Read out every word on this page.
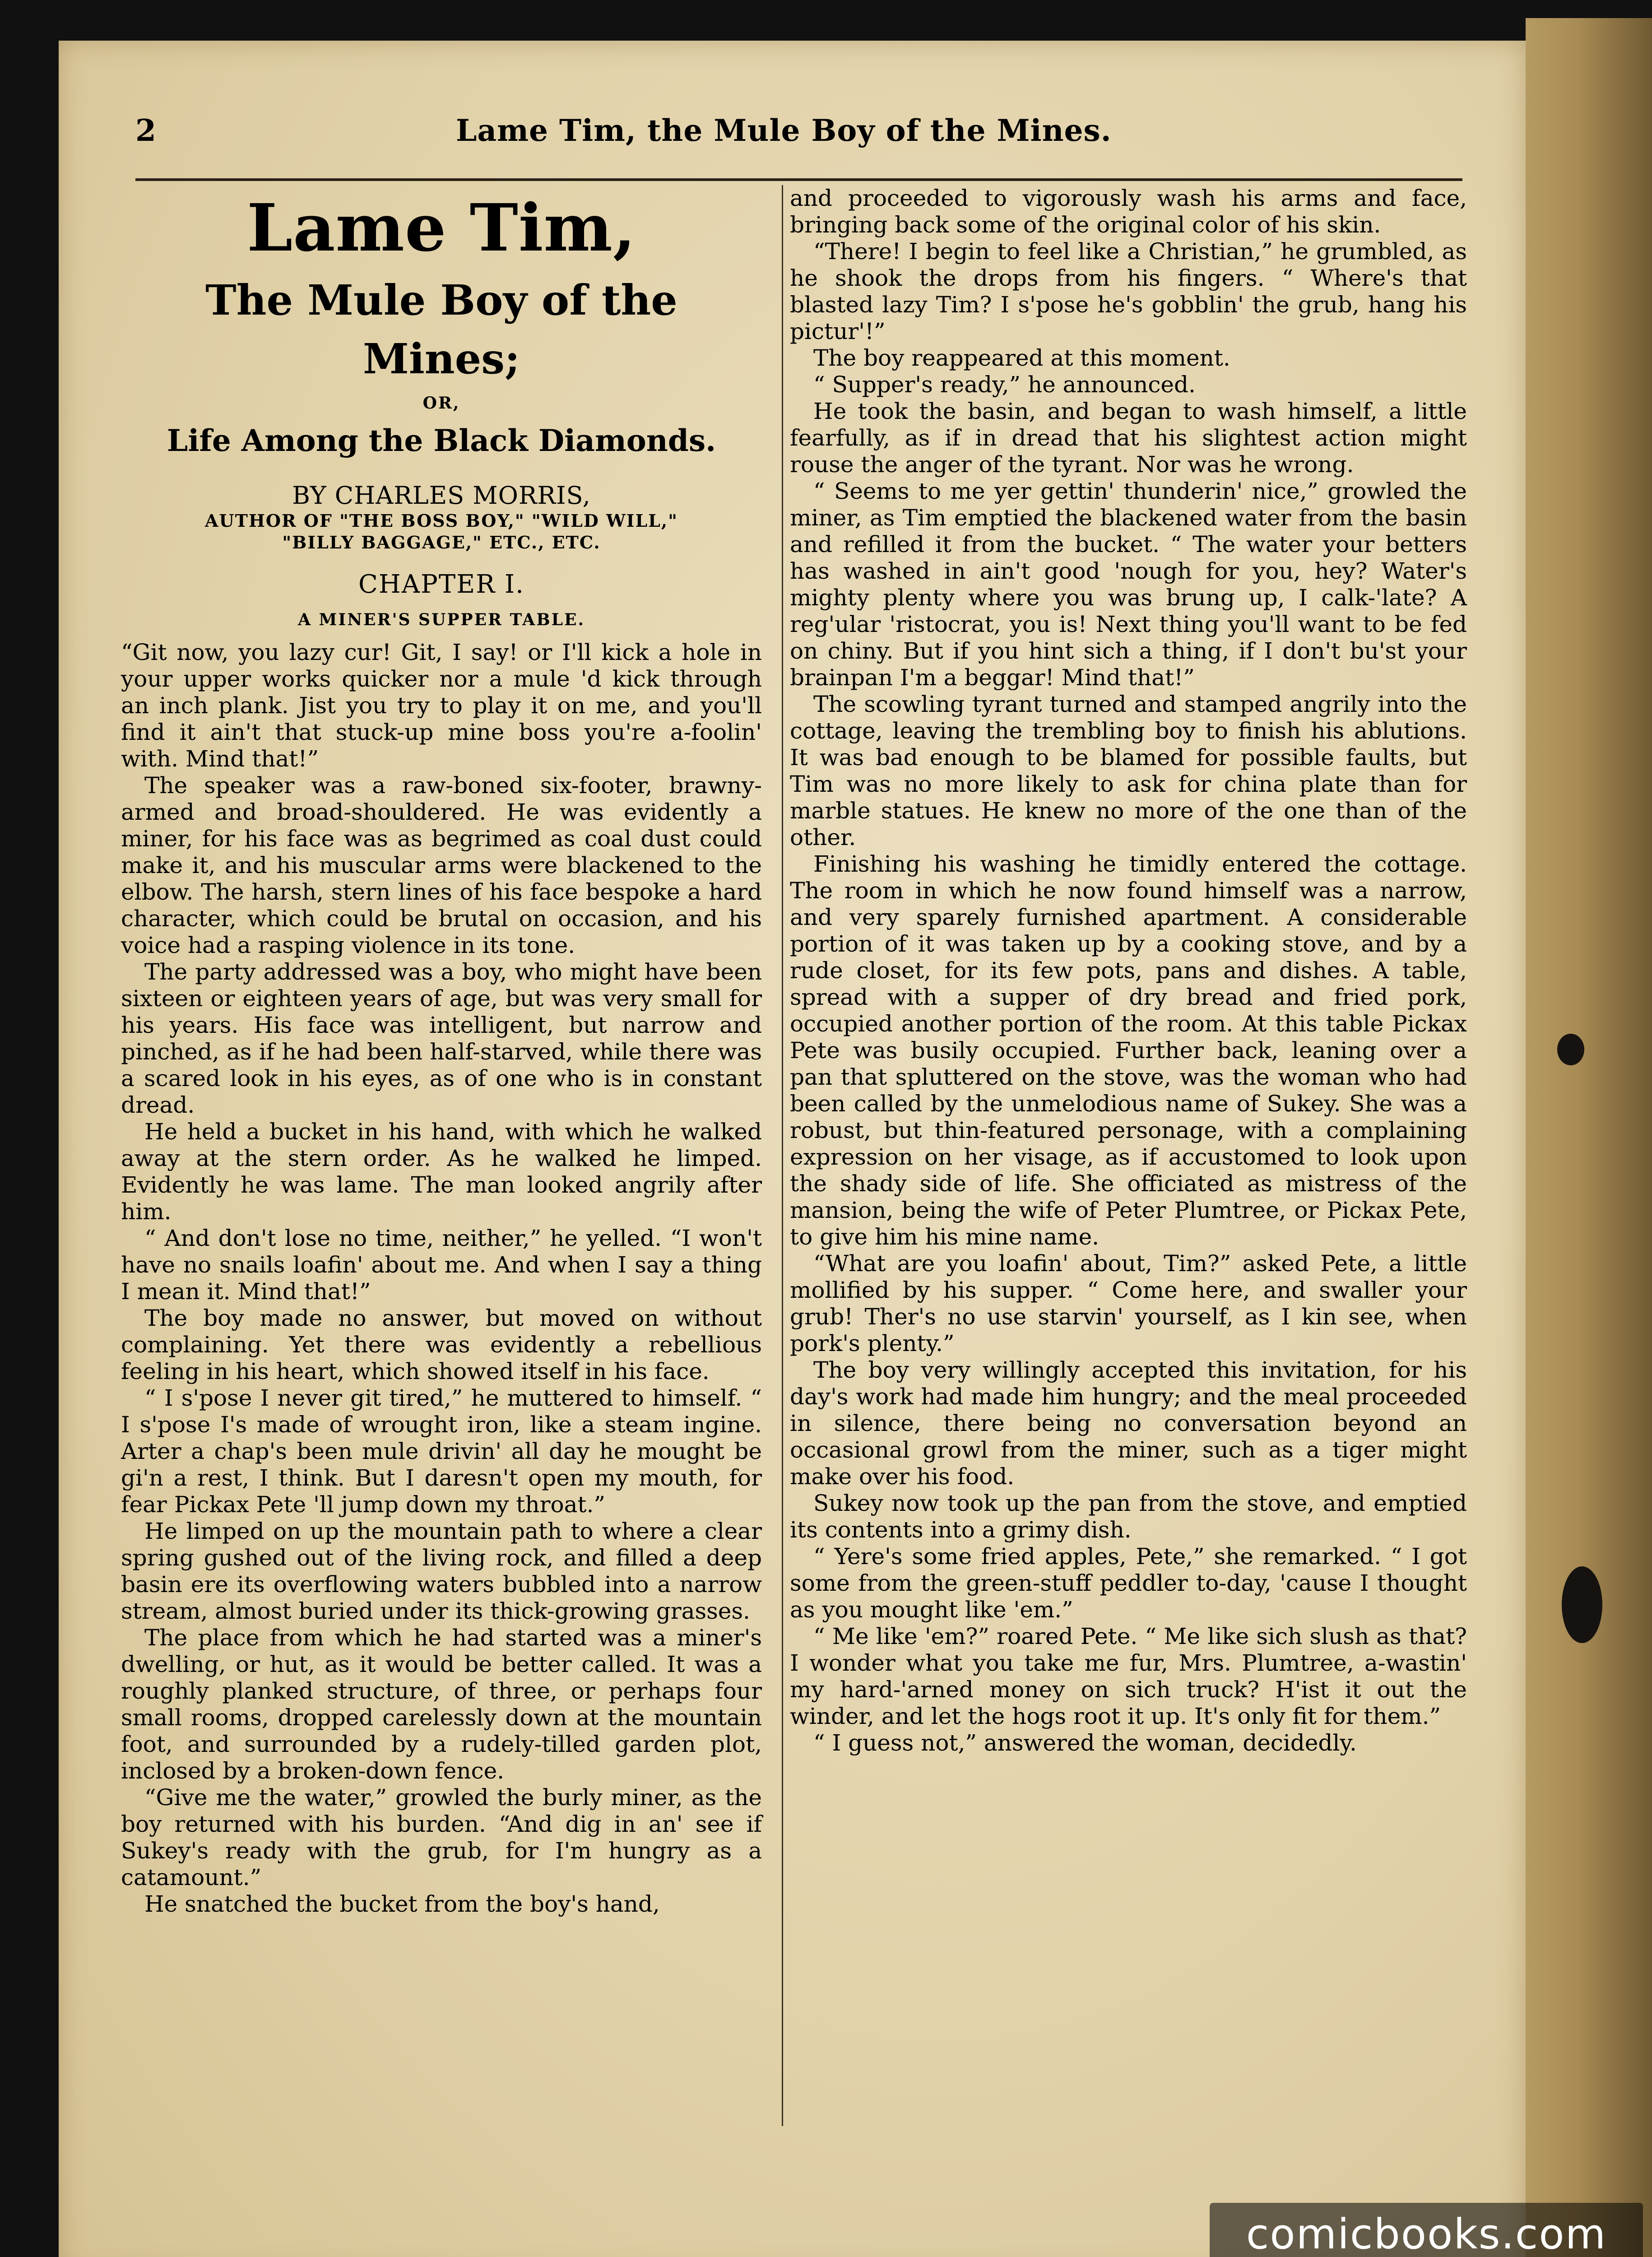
2	Lame Tim, the Mule Boy of the Mines.
Lame Tim,
The Mule Boy of the Mines;
OR,
Life Among the Black Diamonds.
BY CHARLES MORRIS,
AUTHOR OF "THE BOSS BOY," "WILD WILL,"
"BILLY BAGGAGE," ETC., ETC.
CHAPTER I.
A MINER'S SUPPER TABLE.

“Git now, you lazy cur! Git, I say! or I'll kick a hole in your upper works quicker nor a mule 'd kick through an inch plank. Jist you try to play it on me, and you'll find it ain't that stuck-up mine boss you're a-foolin' with. Mind that!”

The speaker was a raw-boned six-footer, brawny-armed and broad-shouldered. He was evidently a miner, for his face was as begrimed as coal dust could make it, and his muscular arms were blackened to the elbow. The harsh, stern lines of his face bespoke a hard character, which could be brutal on occasion, and his voice had a rasping violence in its tone.

The party addressed was a boy, who might have been sixteen or eighteen years of age, but was very small for his years. His face was intelligent, but narrow and pinched, as if he had been half-starved, while there was a scared look in his eyes, as of one who is in constant dread.

He held a bucket in his hand, with which he walked away at the stern order. As he walked he limped. Evidently he was lame. The man looked angrily after him.

“ And don't lose no time, neither,” he yelled. “I won't have no snails loafin' about me. And when I say a thing I mean it. Mind that!”

The boy made no answer, but moved on without complaining. Yet there was evidently a rebellious feeling in his heart, which showed itself in his face.

“ I s'pose I never git tired,” he muttered to himself. “ I s'pose I's made of wrought iron, like a steam ingine. Arter a chap's been mule drivin' all day he mought be gi'n a rest, I think. But I daresn't open my mouth, for fear Pickax Pete 'll jump down my throat.”

He limped on up the mountain path to where a clear spring gushed out of the living rock, and filled a deep basin ere its overflowing waters bubbled into a narrow stream, almost buried under its thick-growing grasses.

The place from which he had started was a miner's dwelling, or hut, as it would be better called. It was a roughly planked structure, of three, or perhaps four small rooms, dropped carelessly down at the mountain foot, and surrounded by a rudely-tilled garden plot, inclosed by a broken-down fence.

“Give me the water,” growled the burly miner, as the boy returned with his burden. “And dig in an' see if Sukey's ready with the grub, for I'm hungry as a catamount.”

He snatched the bucket from the boy's hand,

and proceeded to vigorously wash his arms and face, bringing back some of the original color of his skin.

“There! I begin to feel like a Christian,” he grumbled, as he shook the drops from his fingers. “ Where's that blasted lazy Tim? I s'pose he's gobblin' the grub, hang his pictur'!”

The boy reappeared at this moment.

“ Supper's ready,” he announced.

He took the basin, and began to wash himself, a little fearfully, as if in dread that his slightest action might rouse the anger of the tyrant. Nor was he wrong.

“ Seems to me yer gettin' thunderin' nice,” growled the miner, as Tim emptied the blackened water from the basin and refilled it from the bucket. “ The water your betters has washed in ain't good 'nough for you, hey? Water's mighty plenty where you was brung up, I calk-'late? A reg'ular 'ristocrat, you is! Next thing you'll want to be fed on chiny. But if you hint sich a thing, if I don't bu'st your brainpan I'm a beggar! Mind that!”

The scowling tyrant turned and stamped angrily into the cottage, leaving the trembling boy to finish his ablutions. It was bad enough to be blamed for possible faults, but Tim was no more likely to ask for china plate than for marble statues. He knew no more of the one than of the other.

Finishing his washing he timidly entered the cottage. The room in which he now found himself was a narrow, and very sparely furnished apartment. A considerable portion of it was taken up by a cooking stove, and by a rude closet, for its few pots, pans and dishes. A table, spread with a supper of dry bread and fried pork, occupied another portion of the room. At this table Pickax Pete was busily occupied. Further back, leaning over a pan that spluttered on the stove, was the woman who had been called by the unmelodious name of Sukey. She was a robust, but thin-featured personage, with a complaining expression on her visage, as if accustomed to look upon the shady side of life. She officiated as mistress of the mansion, being the wife of Peter Plumtree, or Pickax Pete, to give him his mine name.

“What are you loafin' about, Tim?” asked Pete, a little mollified by his supper. “ Come here, and swaller your grub! Ther's no use starvin' yourself, as I kin see, when pork's plenty.”

The boy very willingly accepted this invitation, for his day's work had made him hungry; and the meal proceeded in silence, there being no conversation beyond an occasional growl from the miner, such as a tiger might make over his food.

Sukey now took up the pan from the stove, and emptied its contents into a grimy dish.

“ Yere's some fried apples, Pete,” she remarked. “ I got some from the green-stuff peddler to-day, 'cause I thought as you mought like 'em.”

“ Me like 'em?” roared Pete. “ Me like sich slush as that? I wonder what you take me fur, Mrs. Plumtree, a-wastin' my hard-'arned money on sich truck? H'ist it out the winder, and let the hogs root it up. It's only fit for them.”

“ I guess not,” answered the woman, decidedly.

comicbooks.com
